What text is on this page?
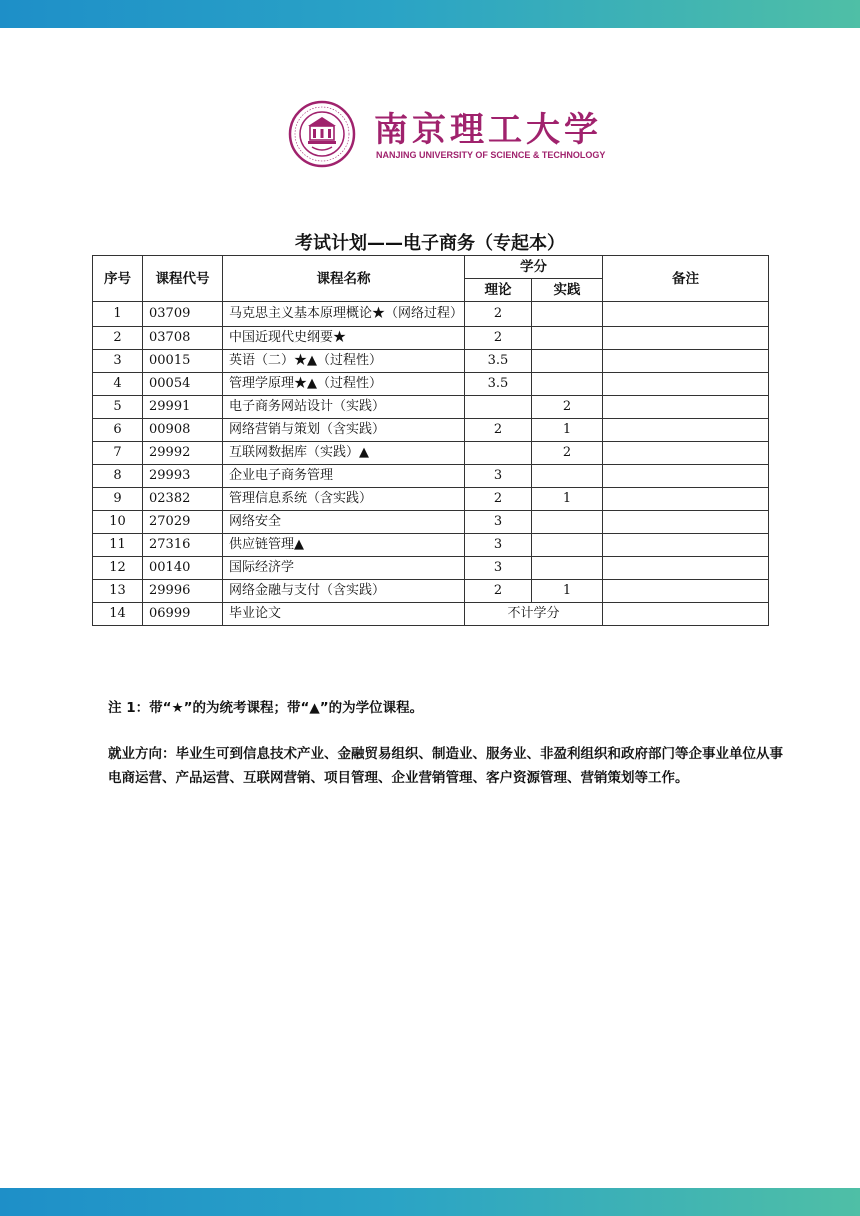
南京理工大学
NANJING UNIVERSITY OF SCIENCE & TECHNOLOGY
考试计划——电子商务（专起本）
序号	课程代号	课程名称	学分		备注
			理论	实践	
1	03709	马克思主义基本原理概论★（网络过程）	2		
2	03708	中国近现代史纲要★	2		
3	00015	英语（二）★▲（过程性）	3.5		
4	00054	管理学原理★▲（过程性）	3.5		
5	29991	电子商务网站设计（实践）		2	
6	00908	网络营销与策划（含实践）	2	1	
7	29992	互联网数据库（实践）▲		2	
8	29993	企业电子商务管理	3		
9	02382	管理信息系统（含实践）	2	1	
10	27029	网络安全	3		
11	27316	供应链管理▲	3		
12	00140	国际经济学	3		
13	29996	网络金融与支付（含实践）	2	1	
14	06999	毕业论文	不计学分		
注 1：带“★”的为统考课程；带“▲”的为学位课程。
就业方向：毕业生可到信息技术产业、金融贸易组织、制造业、服务业、非盈利组织和政府部门等企事业单位从事电商运营、产品运营、互联网营销、项目管理、企业营销管理、客户资源管理、营销策划等工作。
